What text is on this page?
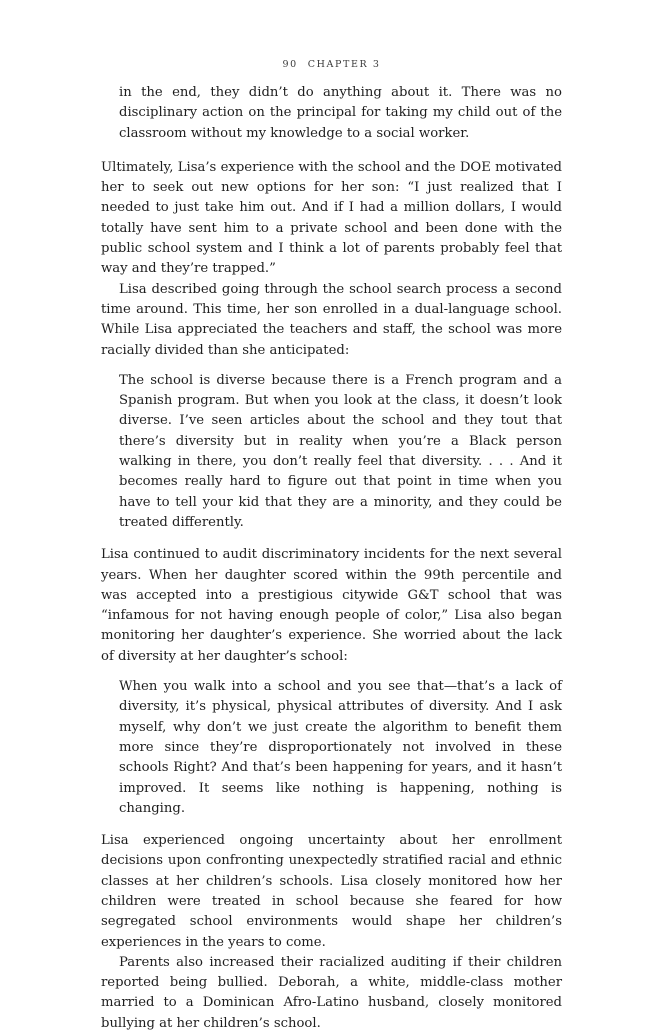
90 CHAPTER 3
in the end, they didn’t do anything about it. There was no disciplinary action on the principal for taking my child out of the classroom without my knowledge to a social worker.

Ultimately, Lisa’s experience with the school and the DOE motivated her to seek out new options for her son: “I just realized that I needed to just take him out. And if I had a million dollars, I would totally have sent him to a private school and been done with the public school system and I think a lot of parents probably feel that way and they’re trapped.”

Lisa described going through the school search process a second time around. This time, her son enrolled in a dual-language school. While Lisa appreciated the teachers and staff, the school was more racially divided than she anticipated:

The school is diverse because there is a French program and a Spanish program. But when you look at the class, it doesn’t look diverse. I’ve seen articles about the school and they tout that there’s diversity but in reality when you’re a Black person walking in there, you don’t really feel that diversity. . . . And it becomes really hard to figure out that point in time when you have to tell your kid that they are a minority, and they could be treated differently.

Lisa continued to audit discriminatory incidents for the next several years. When her daughter scored within the 99th percentile and was accepted into a prestigious citywide G&T school that was “infamous for not having enough people of color,” Lisa also began monitoring her daughter’s experience. She worried about the lack of diversity at her daughter’s school:

When you walk into a school and you see that—that’s a lack of diversity, it’s physical, physical attributes of diversity. And I ask myself, why don’t we just create the algorithm to benefit them more since they’re disproportionately not involved in these schools Right? And that’s been happening for years, and it hasn’t improved. It seems like nothing is happening, nothing is changing.

Lisa experienced ongoing uncertainty about her enrollment decisions upon confronting unexpectedly stratified racial and ethnic classes at her children’s schools. Lisa closely monitored how her children were treated in school because she feared for how segregated school environments would shape her children’s experiences in the years to come.

Parents also increased their racialized auditing if their children reported being bullied. Deborah, a white, middle-class mother married to a Dominican Afro-Latino husband, closely monitored bullying at her children’s school.
